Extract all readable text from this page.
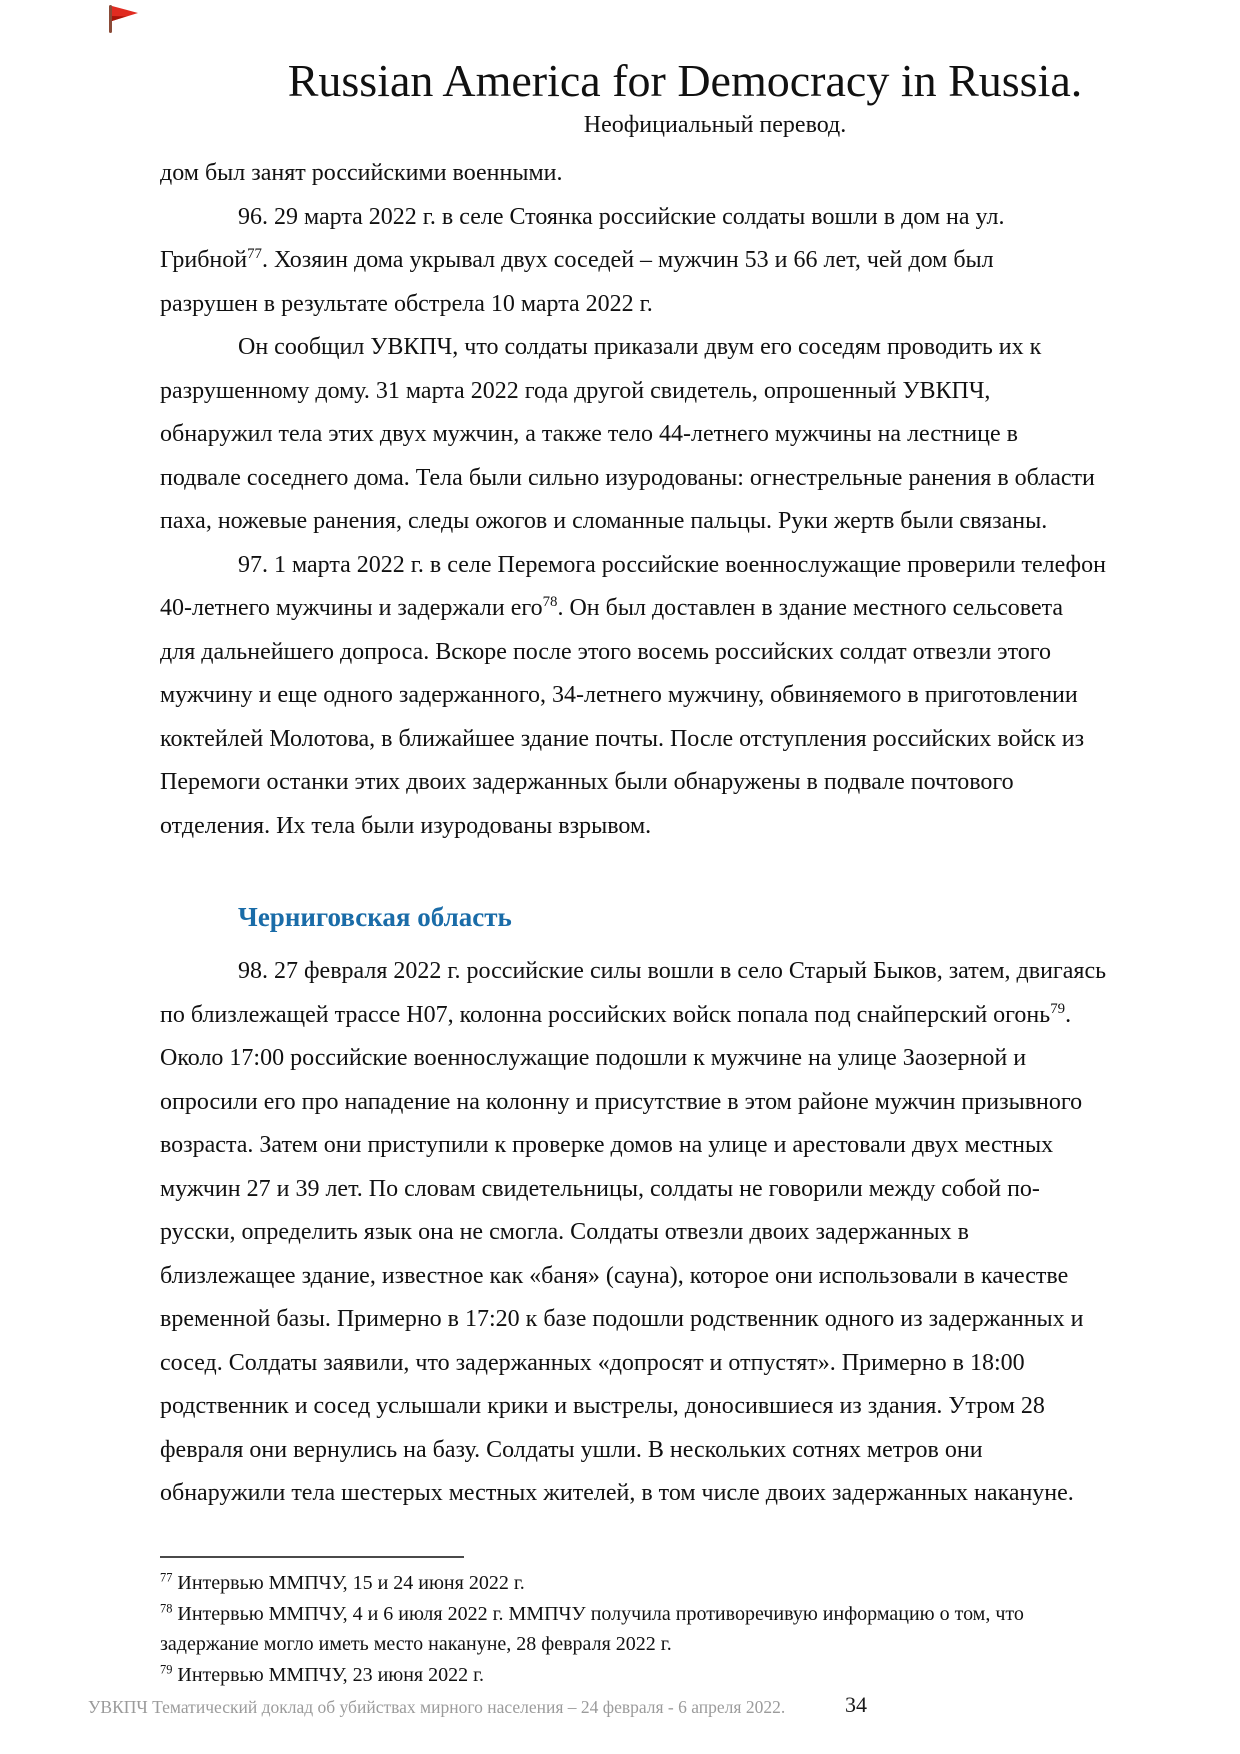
Russian America for Democracy in Russia.
Неофициальный перевод.
дом был занят российскими военными.
96. 29 марта 2022 г. в селе Стоянка российские солдаты вошли в дом на ул.
Грибной$^{77}$. Хозяин дома укрывал двух соседей – мужчин 53 и 66 лет, чей дом был
разрушен в результате обстрела 10 марта 2022 г.
Он сообщил УВКПЧ, что солдаты приказали двум его соседям проводить их к
разрушенному дому. 31 марта 2022 года другой свидетель, опрошенный УВКПЧ,
обнаружил тела этих двух мужчин, а также тело 44-летнего мужчины на лестнице в
подвале соседнего дома. Тела были сильно изуродованы: огнестрельные ранения в области
паха, ножевые ранения, следы ожогов и сломанные пальцы. Руки жертв были связаны.
97. 1 марта 2022 г. в селе Перемога российские военнослужащие проверили телефон
40-летнего мужчины и задержали его$^{78}$. Он был доставлен в здание местного сельсовета
для дальнейшего допроса. Вскоре после этого восемь российских солдат отвезли этого
мужчину и еще одного задержанного, 34-летнего мужчину, обвиняемого в приготовлении
коктейлей Молотова, в ближайшее здание почты. После отступления российских войск из
Перемоги останки этих двоих задержанных были обнаружены в подвале почтового
отделения. Их тела были изуродованы взрывом.
Черниговская область
98. 27 февраля 2022 г. российские силы вошли в село Старый Быков, затем, двигаясь
по близлежащей трассе Н07, колонна российских войск попала под снайперский огонь$^{79}$.
Около 17:00 российские военнослужащие подошли к мужчине на улице Заозерной и
опросили его про нападение на колонну и присутствие в этом районе мужчин призывного
возраста. Затем они приступили к проверке домов на улице и арестовали двух местных
мужчин 27 и 39 лет. По словам свидетельницы, солдаты не говорили между собой по-
русски, определить язык она не смогла. Солдаты отвезли двоих задержанных в
близлежащее здание, известное как «баня» (сауна), которое они использовали в качестве
временной базы. Примерно в 17:20 к базе подошли родственник одного из задержанных и
сосед. Солдаты заявили, что задержанных «допросят и отпустят». Примерно в 18:00
родственник и сосед услышали крики и выстрелы, доносившиеся из здания. Утром 28
февраля они вернулись на базу. Солдаты ушли. В нескольких сотнях метров они
обнаружили тела шестерых местных жителей, в том числе двоих задержанных накануне.
$^{77}$ Интервью ММПЧУ, 15 и 24 июня 2022 г.
$^{78}$ Интервью ММПЧУ, 4 и 6 июля 2022 г. ММПЧУ получила противоречивую информацию о том, что
задержание могло иметь место накануне, 28 февраля 2022 г.
$^{79}$ Интервью ММПЧУ, 23 июня 2022 г.
УВКПЧ Тематический доклад об убийствах мирного населения – 24 февраля - 6 апреля 2022.	34
